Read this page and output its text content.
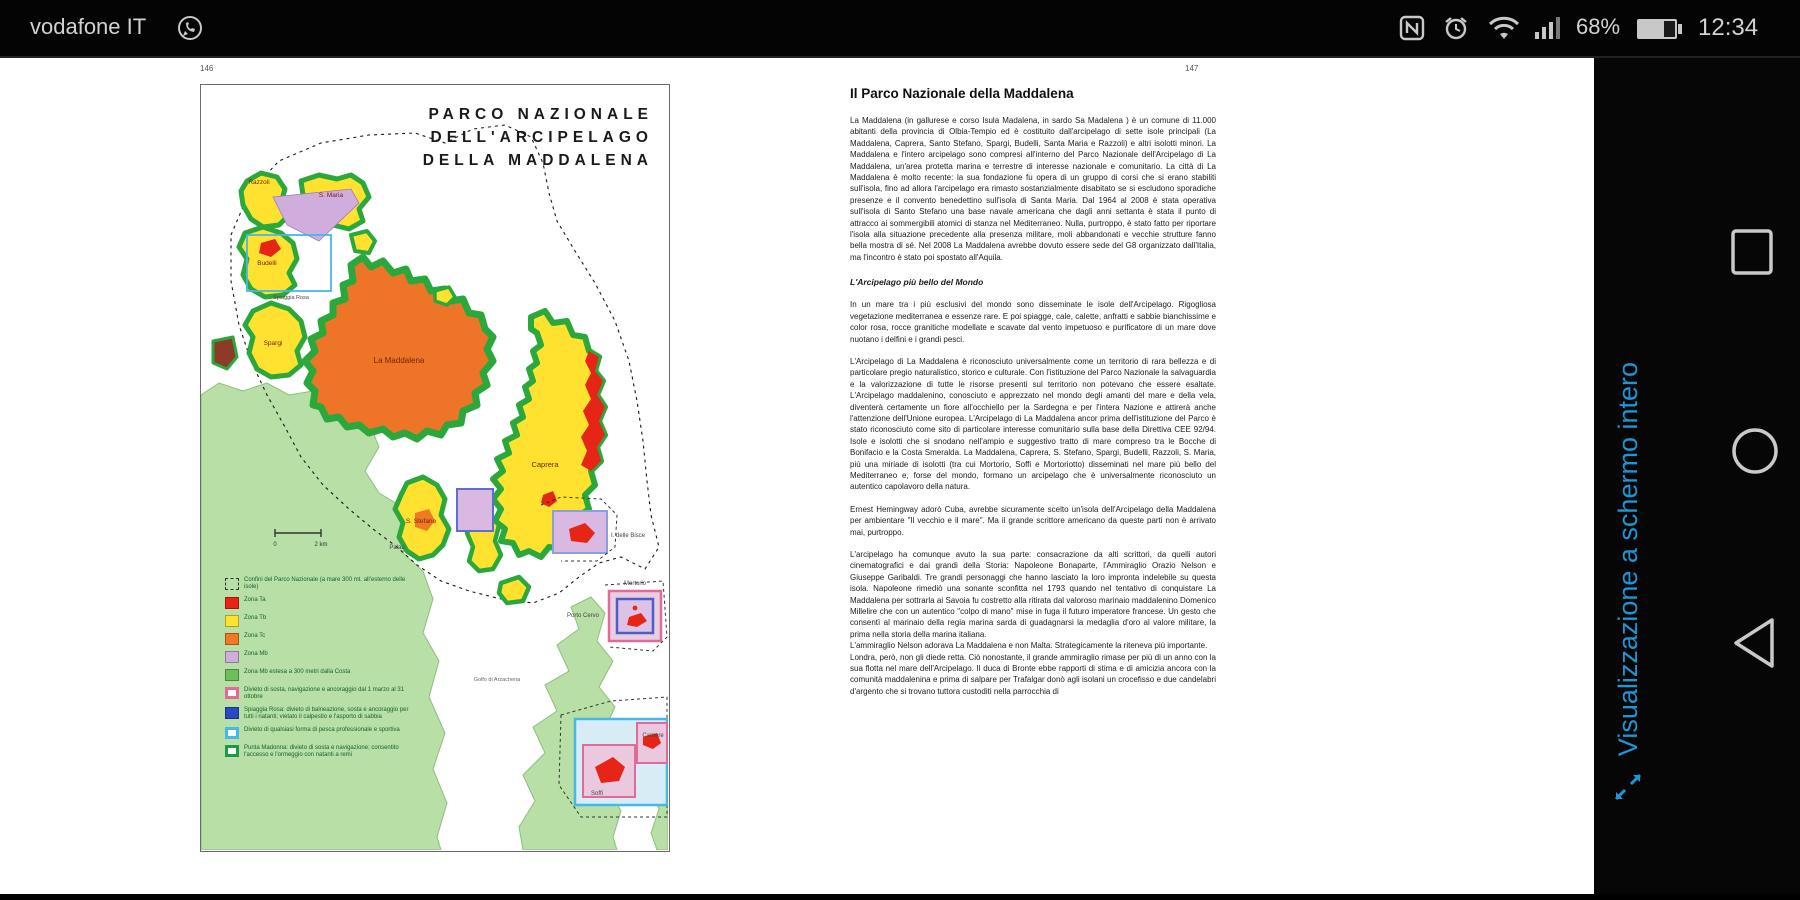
vodafone IT	68%	12:34
146	147
0	2 km
Razzoli
S. Maria
Budelli
Spiaggia Rosa
Spargi
La Maddalena
Caprera
S. Stefano
I. delle Bisce
Mortorio
Camere
Soffi
Porto Cervo
Palau
Golfo di Arzachena
PARCO NAZIONALE
DELL'ARCIPELAGO
DELLA MADDALENA
Confini del Parco Nazionale (a mare 300 mt. all'esterno delle isole)
Zona Ta
Zona Tb
Zona Tc
Zona Mb
Zona Mb estesa a 300 metri dalla Costa
Divieto di sosta, navigazione e ancoraggio dal 1 marzo al 31 ottobre
Spiaggia Rosa: divieto di balneazione, sosta e ancoraggio per tutti i natanti; vietato il calpestio e l'asporto di sabbia
Divieto di qualsiasi forma di pesca professionale e sportiva
Punta Madonna: divieto di sosta e navigazione; consentito l'accesso e l'ormeggio con natanti a remi
Il Parco Nazionale della Maddalena

La Maddalena (in gallurese e corso Isula Madalena, in sardo Sa Madalena ) è un comune di 11.000 abitanti della provincia di Olbia-Tempio ed è costituito dall'arcipelago di sette isole principali (La Maddalena, Caprera, Santo Stefano, Spargi, Budelli, Santa Maria e Razzoli) e altri isolotti minori. La Maddalena e l'intero arcipelago sono compresi all'interno del Parco Nazionale dell'Arcipelago di La Maddalena, un'area protetta marina e terrestre di interesse nazionale e comunitario. La città di La Maddalena è molto recente: la sua fondazione fu opera di un gruppo di corsi che si erano stabiliti sull'isola, fino ad allora l'arcipelago era rimasto sostanzialmente disabitato se si escludono sporadiche presenze e il convento benedettino sull'isola di Santa Maria. Dal 1964 al 2008 è stata operativa sull'isola di Santo Stefano una base navale americana che dagli anni settanta è stata il punto di attracco ai sommergibili atomici di stanza nel Mediterraneo. Nulla, purtroppo, è stato fatto per riportare l'isola alla situazione precedente alla presenza militare, moli abbandonati e vecchie strutture fanno bella mostra di sé. Nel 2008 La Maddalena avrebbe dovuto essere sede del G8 organizzato dall'Italia, ma l'incontro è stato poi spostato all'Aquila.

L'Arcipelago più bello del Mondo

In un mare tra i più esclusivi del mondo sono disseminate le isole dell'Arcipelago. Rigogliosa vegetazione mediterranea e essenze rare. E poi spiagge, cale, calette, anfratti e sabbie bianchissime e color rosa, rocce granitiche modellate e scavate dal vento impetuoso e purificatore di un mare dove nuotano i delfini e i grandi pesci.

L'Arcipelago di La Maddalena è riconosciuto universalmente come un territorio di rara bellezza e di particolare pregio naturalistico, storico e culturale. Con l'istituzione del Parco Nazionale la salvaguardia e la valorizzazione di tutte le risorse presenti sul territorio non potevano che essere esaltate. L'Arcipelago maddalenino, conosciuto e apprezzato nel mondo degli amanti del mare e della vela, diventerà certamente un fiore all'occhiello per la Sardegna e per l'intera Nazione e attirerà anche l'attenzione dell'Unione europea. L'Arcipelago di La Maddalena ancor prima dell'istituzione del Parco è stato riconosciuto come sito di particolare interesse comunitario sulla base della Direttiva CEE 92/94. Isole e isolotti che si snodano nell'ampio e suggestivo tratto di mare compreso tra le Bocche di Bonifacio e la Costa Smeralda. La Maddalena, Caprera, S. Stefano, Spargi, Budelli, Razzoli, S. Maria, più una miriade di isolotti (tra cui Mortorio, Soffi e Mortoriotto) disseminati nel mare più bello del Mediterraneo e, forse del mondo, formano un arcipelago che è universalmente riconosciuto un autentico capolavoro della natura.

Ernest Hemingway adorò Cuba, avrebbe sicuramente scelto un'isola dell'Arcipelago della Maddalena per ambientare "Il vecchio e il mare". Ma il grande scrittore americano da queste parti non è arrivato mai, purtroppo.

L'arcipelago ha comunque avuto la sua parte: consacrazione da alti scrittori, da quelli autori cinematografici e dai grandi della Storia: Napoleone Bonaparte, l'Ammiraglio Orazio Nelson e Giuseppe Garibaldi. Tre grandi personaggi che hanno lasciato la loro impronta indelebile su questa isola. Napoleone rimediò una sonante sconfitta nel 1793 quando nel tentativo di conquistare La Maddalena per sottrarla ai Savoia fu costretto alla ritirata dal valoroso marinaio maddalenino Domenico Millelire che con un autentico "colpo di mano" mise in fuga il futuro imperatore francese. Un gesto che consentì al marinaio della regia marina sarda di guadagnarsi la medaglia d'oro al valore militare, la prima nella storia della marina italiana.

L'ammiraglio Nelson adorava La Maddalena e non Malta. Strategicamente la riteneva più importante.

Londra, però, non gli diede retta. Ciò nonostante, il grande ammiraglio rimase per più di un anno con la sua flotta nel mare dell'Arcipelago. Il duca di Bronte ebbe rapporti di stima e di amicizia ancora con la comunità maddalenina e prima di salpare per Trafalgar donò agli isolani un crocefisso e due candelabri d'argento che si trovano tuttora custoditi nella parrocchia di	Visualizzazione a schermo intero
